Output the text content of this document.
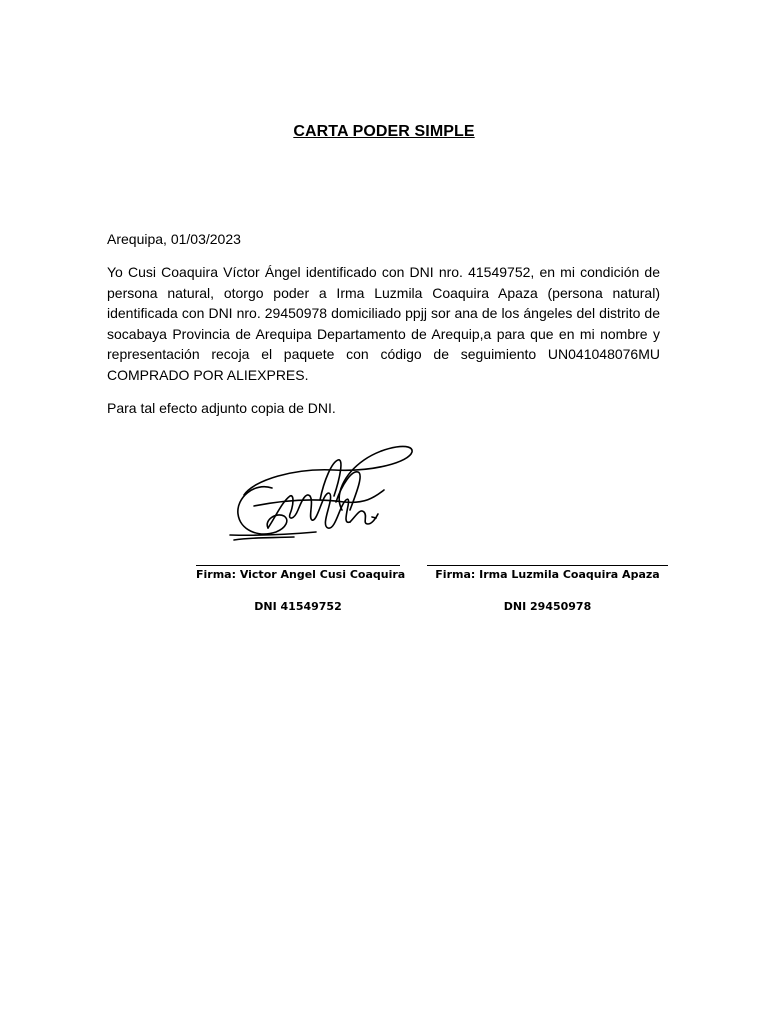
CARTA PODER SIMPLE
Arequipa, 01/03/2023
Yo Cusi Coaquira Víctor Ángel identificado con DNI nro. 41549752, en mi condición de persona natural, otorgo poder a Irma Luzmila Coaquira Apaza (persona natural) identificada con DNI nro. 29450978 domiciliado ppjj sor ana de los ángeles del distrito de socabaya Provincia de Arequipa Departamento de Arequip,a para que en mi nombre y representación recoja el paquete con código de seguimiento UN041048076MU COMPRADO POR ALIEXPRES.
Para tal efecto adjunto copia de DNI.
Firma: Victor Angel Cusi Coaquira	Firma: Irma Luzmila Coaquira Apaza
DNI 41549752	DNI 29450978
